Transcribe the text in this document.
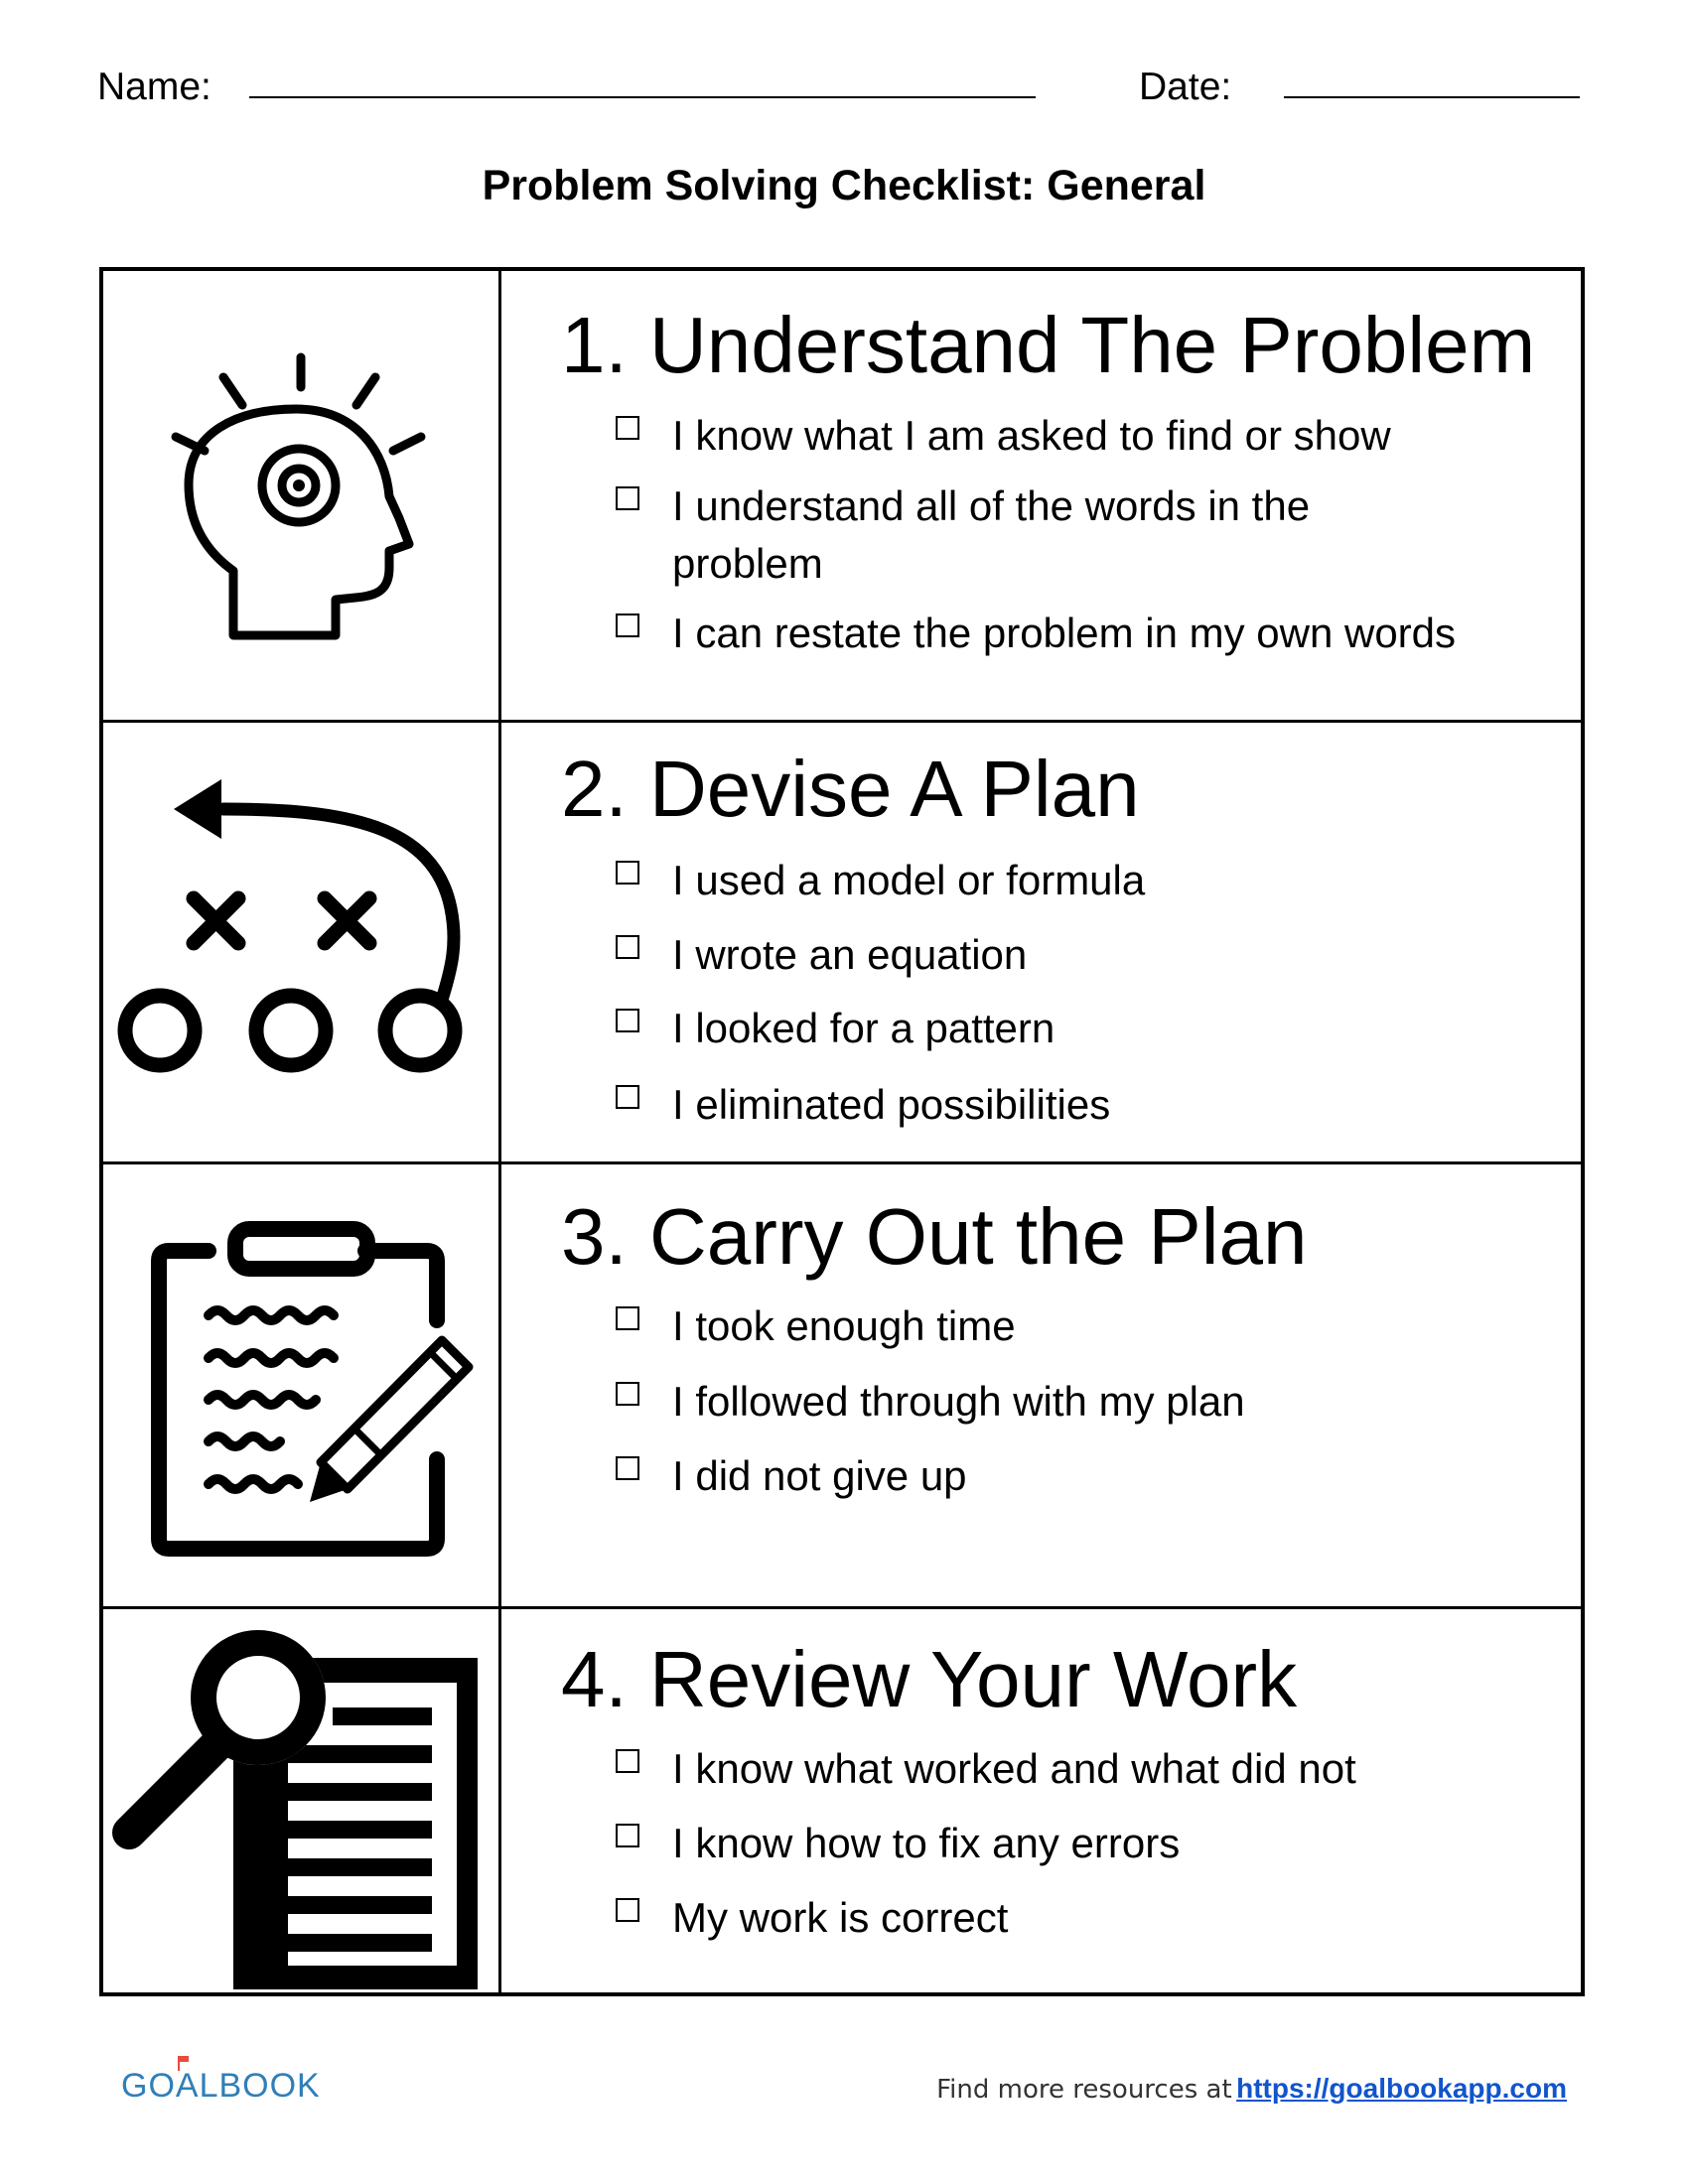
Name:	Date:
Problem Solving Checklist: General
1. Understand The Problem
I know what I am asked to find or show
I understand all of the words in the problem
I can restate the problem in my own words
2. Devise A Plan
I used a model or formula
I wrote an equation
I looked for a pattern
I eliminated possibilities
3. Carry Out the Plan
I took enough time
I followed through with my plan
I did not give up
4. Review Your Work
I know what worked and what did not
I know how to fix any errors
My work is correct
GOALBOOK	Find more resources at https://goalbookapp.com
